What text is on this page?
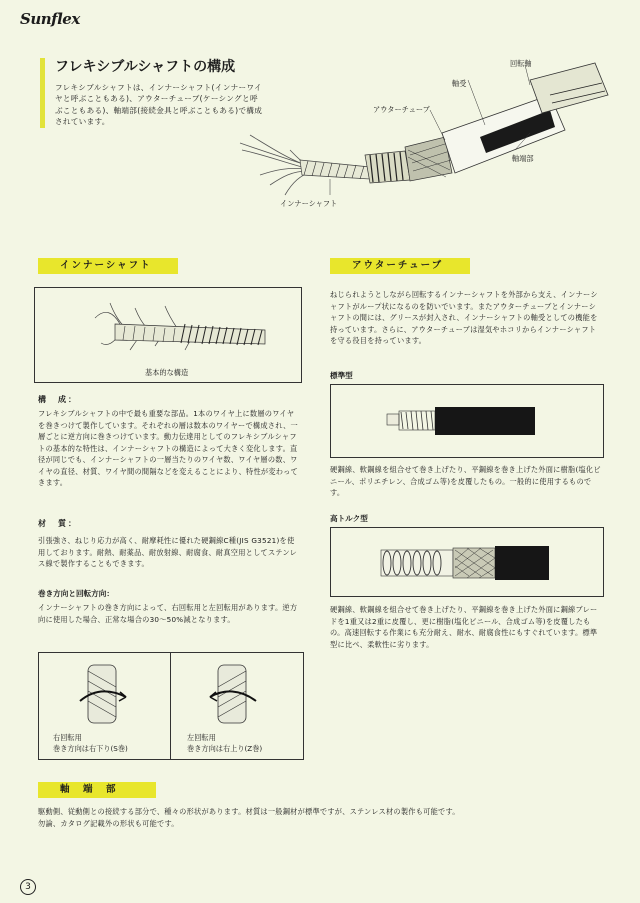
Sunflex
フレキシブルシャフトの構成
フレキシブルシャフトは、インナーシャフト(インナーワイヤと呼ぶこともある)、アウターチューブ(ケーシングと呼ぶこともある)、軸端部(接続金具と呼ぶこともある)で構成されています。
回転軸
軸受
アウターチューブ
軸端部
インナーシャフト
インナーシャフト
基本的な構造
構　成：
フレキシブルシャフトの中で最も重要な部品。1本のワイヤ上に数層のワイヤを巻きつけて製作しています。それぞれの層は数本のワイヤーで構成され、一層ごとに逆方向に巻きつけています。動力伝達用としてのフレキシブルシャフトの基本的な特性は、インナーシャフトの構造によって大きく変化します。直径が同じでも、インナーシャフトの一層当たりのワイヤ数、ワイヤ層の数、ワイヤの直径、材質、ワイヤ間の間隔などを変えることにより、特性が変わってきます。
材　質：
引張強さ、ねじり応力が高く、耐摩耗性に優れた硬鋼線C種(JIS G3521)を使用しております。耐熱、耐薬品、耐放射線、耐腐食、耐真空用としてステンレス線で製作することもできます。
巻き方向と回転方向：
インナーシャフトの巻き方向によって、右回転用と左回転用があります。逆方向に使用した場合、正常な場合の30〜50%減となります。
右回転用
巻き方向は右下り(S巻)
左回転用
巻き方向は右上り(Z巻)
アウターチューブ
ねじられようとしながら回転するインナーシャフトを外部から支え、インナーシャフトがループ状になるのを防いでいます。またアウターチューブとインナーシャフトの間には、グリースが封入され、インナーシャフトの軸受としての機能を持っています。さらに、アウターチューブは湿気やホコリからインナーシャフトを守る役目を持っています。
標準型
硬鋼線、軟鋼線を組合せて巻き上げたり、平鋼線を巻き上げた外面に樹脂(塩化ビニール、ポリエチレン、合成ゴム等)を皮覆したもの。一般的に使用するものです。
高トルク型
硬鋼線、軟鋼線を組合せて巻き上げたり、平鋼線を巻き上げた外面に鋼線ブレードを1重又は2重に皮覆し、更に樹脂(塩化ビニール、合成ゴム等)を皮覆したもの。高速回転する作業にも充分耐え、耐水、耐腐食性にもすぐれています。標準型に比べ、柔軟性に劣ります。
軸　端　部
駆動側、従動側との接続する部分で、種々の形状があります。材質は一般鋼材が標準ですが、ステンレス材の製作も可能です。
勿論、カタログ記載外の形状も可能です。
3
